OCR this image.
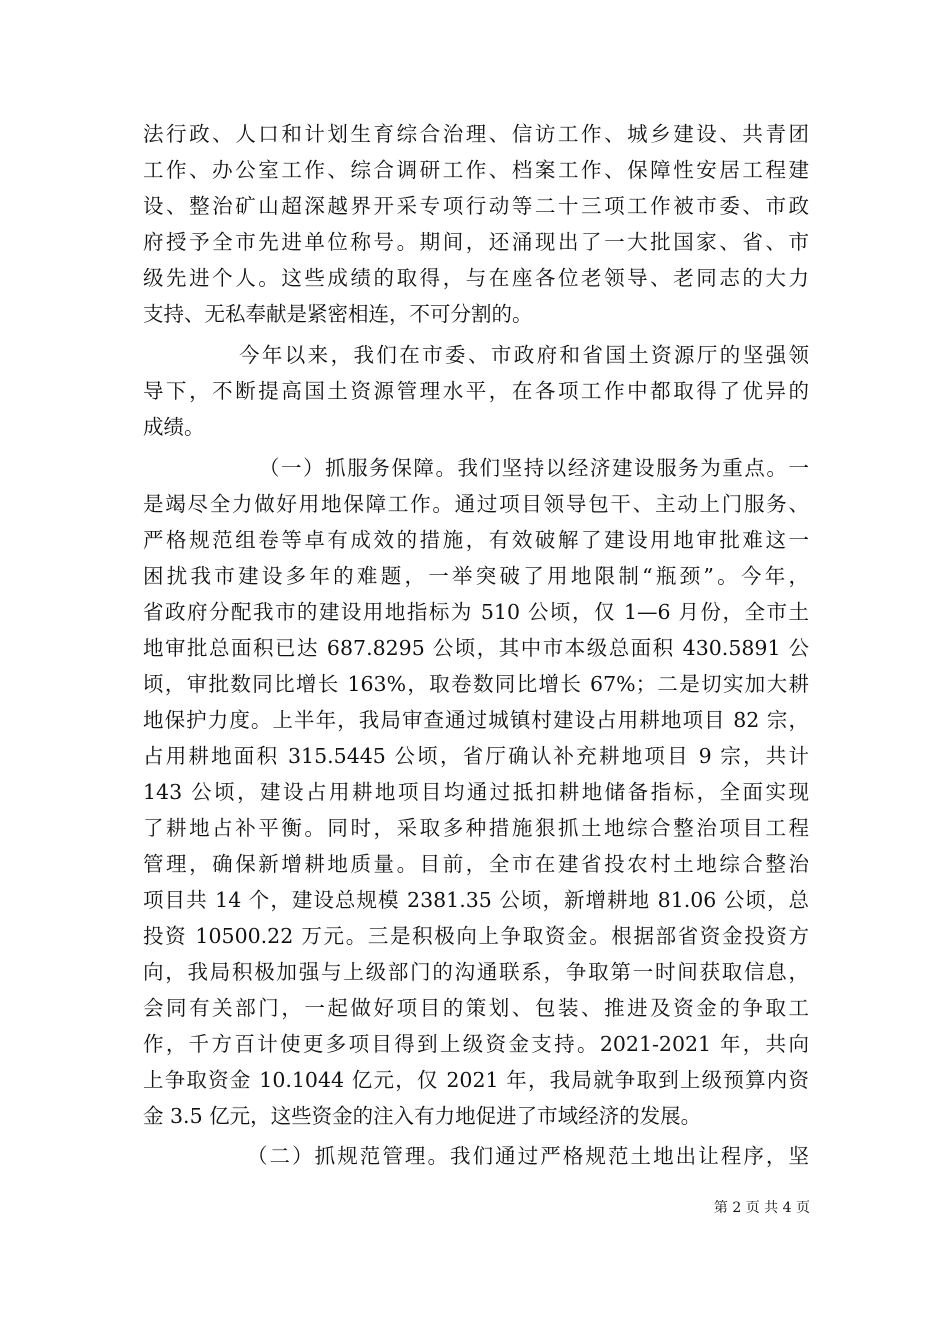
法行政、人口和计划生育综合治理、信访工作、城乡建设、共青团
工作、办公室工作、综合调研工作、档案工作、保障性安居工程建
设、整治矿山超深越界开采专项行动等二十三项工作被市委、市政
府授予全市先进单位称号。期间，还涌现出了一大批国家、省、市
级先进个人。这些成绩的取得，与在座各位老领导、老同志的大力
支持、无私奉献是紧密相连，不可分割的。
今年以来，我们在市委、市政府和省国土资源厅的坚强领
导下，不断提高国土资源管理水平，在各项工作中都取得了优异的
成绩。
（一）抓服务保障。我们坚持以经济建设服务为重点。一
是竭尽全力做好用地保障工作。通过项目领导包干、主动上门服务、
严格规范组卷等卓有成效的措施，有效破解了建设用地审批难这一
困扰我市建设多年的难题，一举突破了用地限制“瓶颈”。今年，
省政府分配我市的建设用地指标为 510 公顷，仅 1—6 月份，全市土
地审批总面积已达 687.8295 公顷，其中市本级总面积 430.5891 公
顷，审批数同比增长 163%，取卷数同比增长 67%；二是切实加大耕
地保护力度。上半年，我局审查通过城镇村建设占用耕地项目 82 宗，
占用耕地面积 315.5445 公顷，省厅确认补充耕地项目 9 宗，共计
143 公顷，建设占用耕地项目均通过抵扣耕地储备指标，全面实现
了耕地占补平衡。同时，采取多种措施狠抓土地综合整治项目工程
管理，确保新增耕地质量。目前，全市在建省投农村土地综合整治
项目共 14 个，建设总规模 2381.35 公顷，新增耕地 81.06 公顷，总
投资 10500.22 万元。三是积极向上争取资金。根据部省资金投资方
向，我局积极加强与上级部门的沟通联系，争取第一时间获取信息，
会同有关部门，一起做好项目的策划、包装、推进及资金的争取工
作，千方百计使更多项目得到上级资金支持。2021-2021 年，共向
上争取资金 10.1044 亿元，仅 2021 年，我局就争取到上级预算内资
金 3.5 亿元，这些资金的注入有力地促进了市域经济的发展。
（二）抓规范管理。我们通过严格规范土地出让程序，坚
第 2 页 共 4 页
